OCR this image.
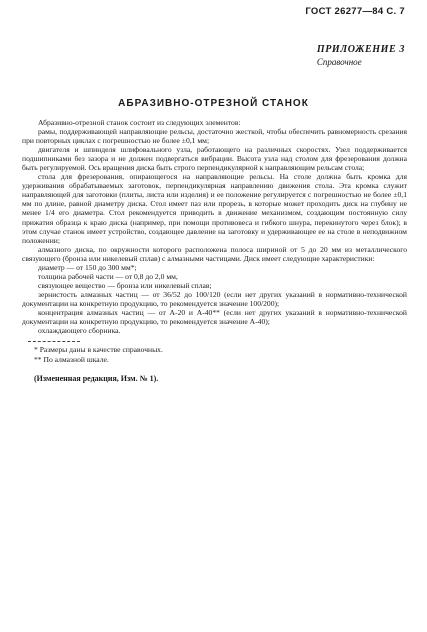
ГОСТ 26277—84 С. 7
ПРИЛОЖЕНИЕ 3
Справочное
АБРАЗИВНО-ОТРЕЗНОЙ СТАНОК

Абразивно-отрезной станок состоит из следующих элементов:

рамы, поддерживающей направляющие рельсы, достаточно жесткой, чтобы обеспечить равномерность срезания при повторных циклах с погрешностью не более ±0,1 мм;

двигателя и шпинделя шлифовального узла, работающего на различных скоростях. Узел поддерживается подшипниками без зазора и не должен подвергаться вибрации. Высота узла над столом для фрезерования должна быть регулируемой. Ось вращения диска быть строго перпендикулярной к направляющим рельсам стола;

стола для фрезерования, опирающегося на направляющие рельсы. На столе должна быть кромка для удерживания обрабатываемых заготовок, перпендикулярная направлению движения стола. Эта кромка служит направляющей для заготовки (плиты, листа или изделия) и ее положение регулируется с погрешностью не более ±0,1 мм по длине, равной диаметру диска. Стол имеет паз или прорезь, в которые может проходить диск на глубину не менее 1/4 его диаметра. Стол рекомендуется приводить в движение механизмом, создающим постоянную силу прижатия образца к краю диска (например, при помощи противовеса и гибкого шнура, перекинутого через блок); в этом случае станок имеет устройство, создающее давление на заготовку и удерживающее ее на столе в неподвижном положении;

алмазного диска, по окружности которого расположена полоса шириной от 5 до 20 мм из металлического связующего (бронза или никелевый сплав) с алмазными частицами. Диск имеет следующие характеристики:

диаметр — от 150 до 300 мм*;

толщина рабочей части — от 0,8 до 2,0 мм,

связующее вещество — бронза или никелевый сплав;

зернистость алмазных частиц — от 36/52 до 100/120 (если нет других указаний в нормативно-технической документации на конкретную продукцию, то рекомендуется значение 100/200);

концентрация алмазных частиц — от А-20 и А-40** (если нет других указаний в нормативно-технической документации на конкретную продукцию, то рекомендуется значение А-40);

охлаждающего сборника.

* Размеры даны в качестве справочных.

** По алмазной шкале.

(Измененная редакция, Изм. № 1).
